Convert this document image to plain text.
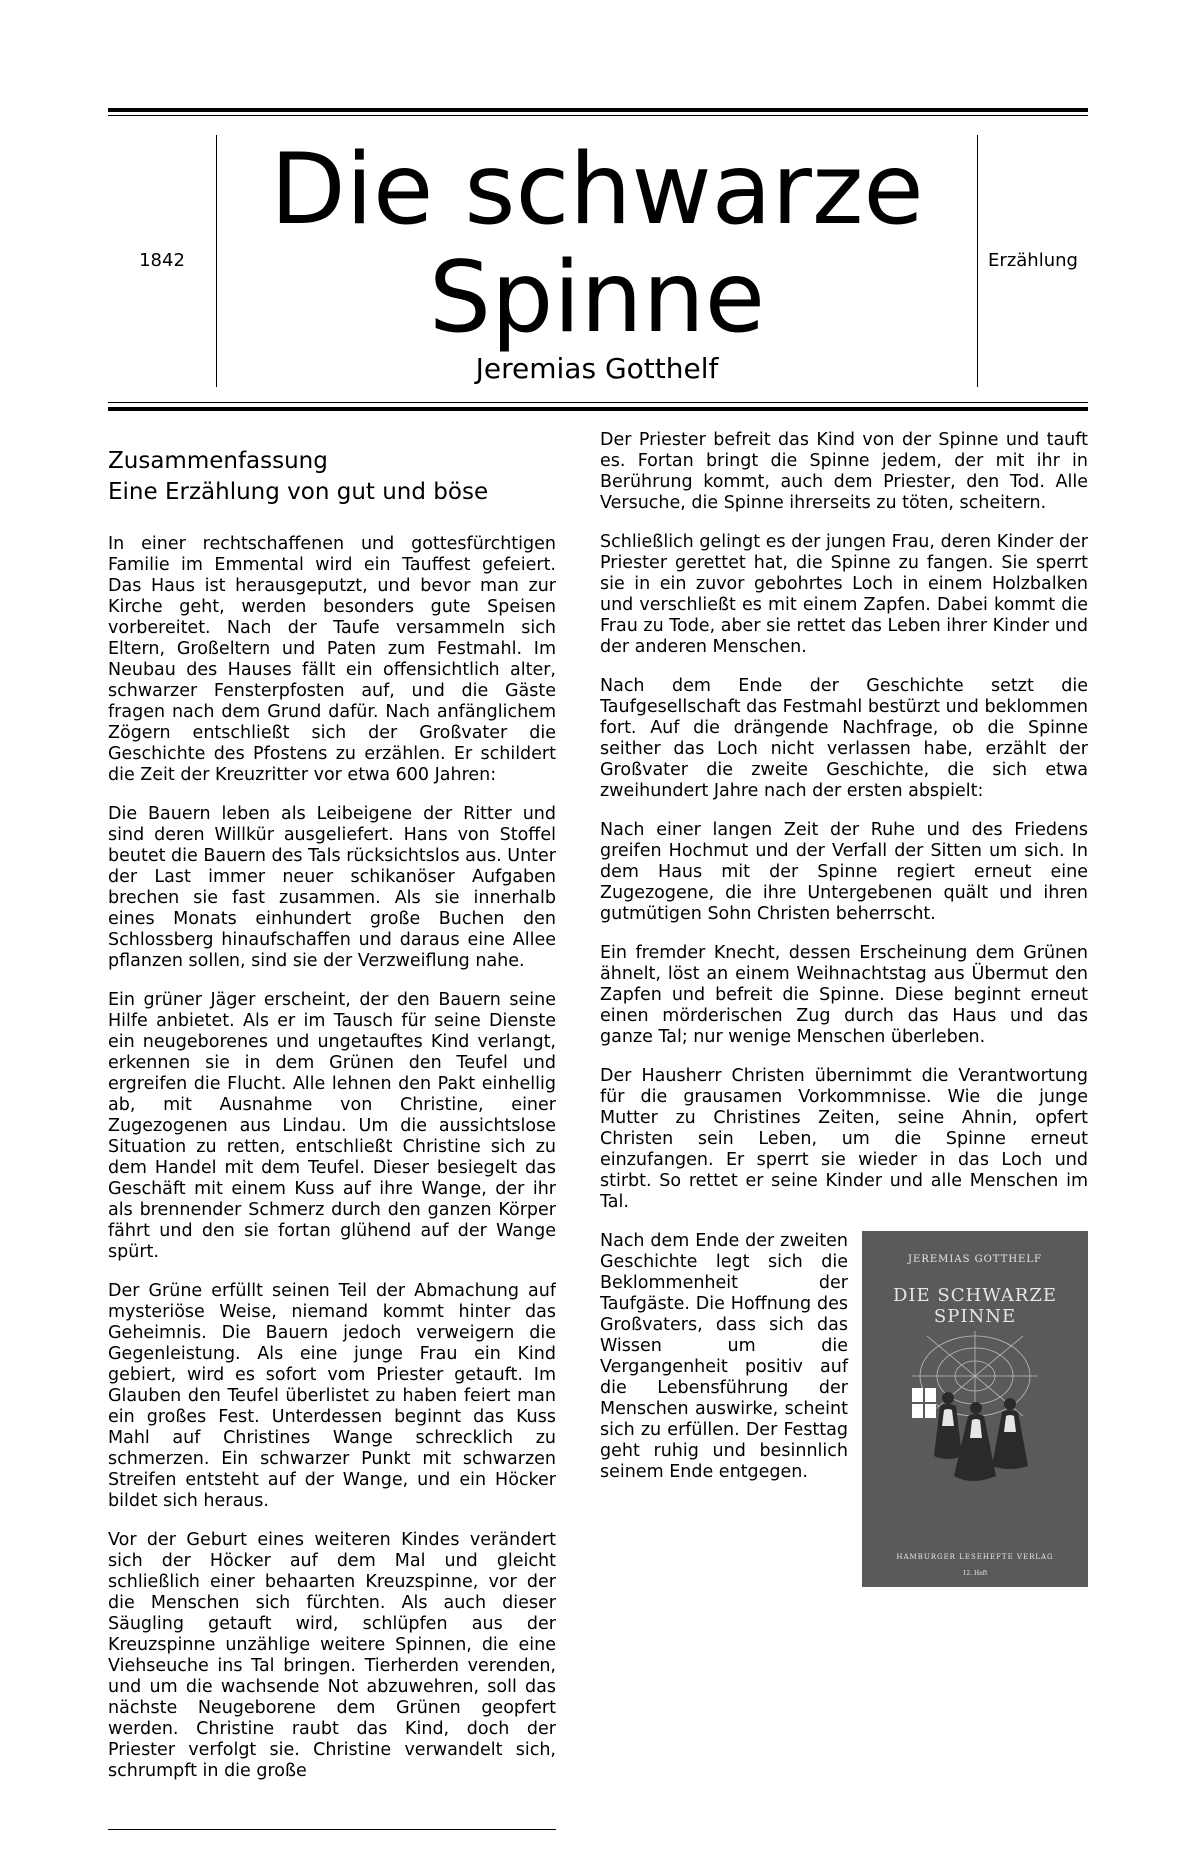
1842
Die schwarze Spinne
Jeremias Gotthelf
Erzählung
Zusammenfassung
Eine Erzählung von gut und böse

In einer rechtschaffenen und gottesfürchtigen Familie im Emmental wird ein Tauffest gefeiert. Das Haus ist herausgeputzt, und bevor man zur Kirche geht, werden besonders gute Speisen vorbereitet. Nach der Taufe versammeln sich Eltern, Großeltern und Paten zum Festmahl. Im Neubau des Hauses fällt ein offensichtlich alter, schwarzer Fensterpfosten auf, und die Gäste fragen nach dem Grund dafür. Nach anfänglichem Zögern entschließt sich der Großvater die Geschichte des Pfostens zu erzählen. Er schildert die Zeit der Kreuzritter vor etwa 600 Jahren:

Die Bauern leben als Leibeigene der Ritter und sind deren Willkür ausgeliefert. Hans von Stoffel beutet die Bauern des Tals rücksichtslos aus. Unter der Last immer neuer schikanöser Aufgaben brechen sie fast zusammen. Als sie innerhalb eines Monats einhundert große Buchen den Schlossberg hinaufschaffen und daraus eine Allee pflanzen sollen, sind sie der Verzweiflung nahe.

Ein grüner Jäger erscheint, der den Bauern seine Hilfe anbietet. Als er im Tausch für seine Dienste ein neugeborenes und ungetauftes Kind verlangt, erkennen sie in dem Grünen den Teufel und ergreifen die Flucht. Alle lehnen den Pakt einhellig ab, mit Ausnahme von Christine, einer Zugezogenen aus Lindau. Um die aussichtslose Situation zu retten, entschließt Christine sich zu dem Handel mit dem Teufel. Dieser besiegelt das Geschäft mit einem Kuss auf ihre Wange, der ihr als brennender Schmerz durch den ganzen Körper fährt und den sie fortan glühend auf der Wange spürt.

Der Grüne erfüllt seinen Teil der Abmachung auf mysteriöse Weise, niemand kommt hinter das Geheimnis. Die Bauern jedoch verweigern die Gegenleistung. Als eine junge Frau ein Kind gebiert, wird es sofort vom Priester getauft. Im Glauben den Teufel überlistet zu haben feiert man ein großes Fest. Unterdessen beginnt das Kuss Mahl auf Christines Wange schrecklich zu schmerzen. Ein schwarzer Punkt mit schwarzen Streifen entsteht auf der Wange, und ein Höcker bildet sich heraus.

Vor der Geburt eines weiteren Kindes verändert sich der Höcker auf dem Mal und gleicht schließlich einer behaarten Kreuzspinne, vor der die Menschen sich fürchten. Als auch dieser Säugling getauft wird, schlüpfen aus der Kreuzspinne unzählige weitere Spinnen, die eine Viehseuche ins Tal bringen. Tierherden verenden, und um die wachsende Not abzuwehren, soll das nächste Neugeborene dem Grünen geopfert werden. Christine raubt das Kind, doch der Priester verfolgt sie. Christine verwandelt sich, schrumpft in die große

Der Priester befreit das Kind von der Spinne und tauft es. Fortan bringt die Spinne jedem, der mit ihr in Berührung kommt, auch dem Priester, den Tod. Alle Versuche, die Spinne ihrerseits zu töten, scheitern.

Schließlich gelingt es der jungen Frau, deren Kinder der Priester gerettet hat, die Spinne zu fangen. Sie sperrt sie in ein zuvor gebohrtes Loch in einem Holzbalken und verschließt es mit einem Zapfen. Dabei kommt die Frau zu Tode, aber sie rettet das Leben ihrer Kinder und der anderen Menschen.

Nach dem Ende der Geschichte setzt die Taufgesellschaft das Festmahl bestürzt und beklommen fort. Auf die drängende Nachfrage, ob die Spinne seither das Loch nicht verlassen habe, erzählt der Großvater die zweite Geschichte, die sich etwa zweihundert Jahre nach der ersten abspielt:

Nach einer langen Zeit der Ruhe und des Friedens greifen Hochmut und der Verfall der Sitten um sich. In dem Haus mit der Spinne regiert erneut eine Zugezogene, die ihre Untergebenen quält und ihren gutmütigen Sohn Christen beherrscht.

Ein fremder Knecht, dessen Erscheinung dem Grünen ähnelt, löst an einem Weihnachtstag aus Übermut den Zapfen und befreit die Spinne. Diese beginnt erneut einen mörderischen Zug durch das Haus und das ganze Tal; nur wenige Menschen überleben.

Der Hausherr Christen übernimmt die Verantwortung für die grausamen Vorkommnisse. Wie die junge Mutter zu Christines Zeiten, seine Ahnin, opfert Christen sein Leben, um die Spinne erneut einzufangen. Er sperrt sie wieder in das Loch und stirbt. So rettet er seine Kinder und alle Menschen im Tal.

JEREMIAS GOTTHELF
DIE SCHWARZE SPINNE
HAMBURGER LESEHEFTE VERLAG
12. Heft

Nach dem Ende der zweiten Geschichte legt sich die Beklommenheit der Taufgäste. Die Hoffnung des Großvaters, dass sich das Wissen um die Vergangenheit positiv auf die Lebensführung der Menschen auswirke, scheint sich zu erfüllen. Der Festtag geht ruhig und besinnlich seinem Ende entgegen.
